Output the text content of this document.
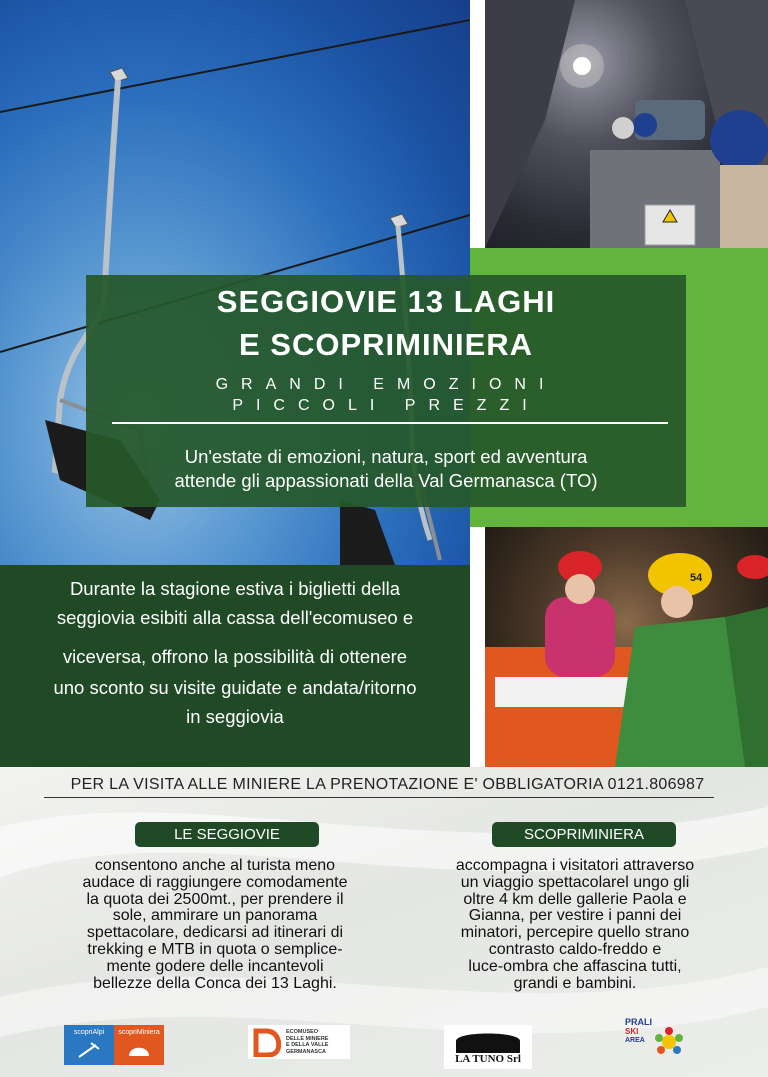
54
SEGGIOVIE 13 LAGHI
E SCOPRIMINIERA
GRANDI EMOZIONI
PICCOLI PREZZI
Un'estate di emozioni, natura, sport ed avventura
attende gli appassionati della Val Germanasca (TO)
Durante la stagione estiva i biglietti della
seggiovia esibiti alla cassa dell'ecomuseo e
viceversa, offrono la possibilità di ottenere
uno sconto su visite guidate e andata/ritorno
in seggiovia
PER LA VISITA ALLE MINIERE LA PRENOTAZIONE E' OBBLIGATORIA 0121.806987
LE SEGGIOVIE	SCOPRIMINIERA
consentono anche al turista meno
audace di raggiungere comodamente
la quota dei 2500mt., per prendere il
sole, ammirare un panorama
spettacolare, dedicarsi ad itinerari di
trekking e MTB in quota o semplice-
mente godere delle incantevoli
bellezze della Conca dei 13 Laghi.
accompagna i visitatori attraverso
un viaggio spettacolarel ungo gli
oltre 4 km delle gallerie Paola e
Gianna, per vestire i panni dei
minatori, percepire quello strano
contrasto caldo-freddo e
luce-ombra che affascina tutti,
grandi e bambini.
scopriAlpi	scopriMiniera	ECOMUSEO
DELLE MINIERE
E DELLA VALLE
GERMANASCA
LA TUNO Srl
PRALI
SKI
AREA
